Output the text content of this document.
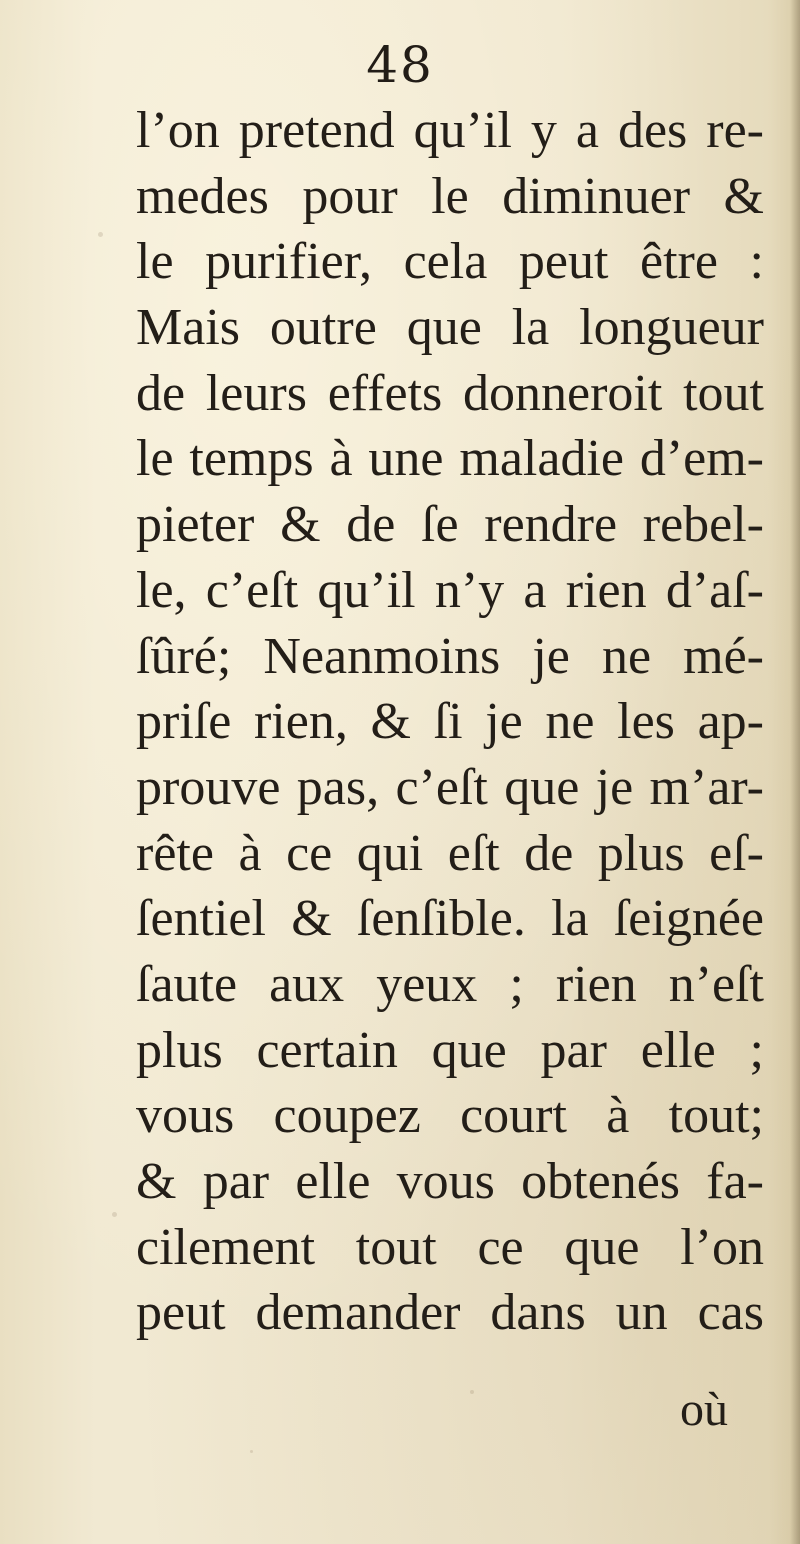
48
l’on pretend qu’il y a des re-
medes pour le diminuer &
le purifier, cela peut être :
Mais outre que la longueur
de leurs effets donneroit tout
le temps à une maladie d’em-
pieter & de ſe rendre rebel-
le, c’eſt qu’il n’y a rien d’aſ-
ſûré; Neanmoins je ne mé-
priſe rien, & ſi je ne les ap-
prouve pas, c’eſt que je m’ar-
rête à ce qui eſt de plus eſ-
ſentiel & ſenſible. la ſeignée
ſaute aux yeux ; rien n’eſt
plus certain que par elle ;
vous coupez court à tout;
& par elle vous obtenés fa-
cilement tout ce que l’on
peut demander dans un cas
où
